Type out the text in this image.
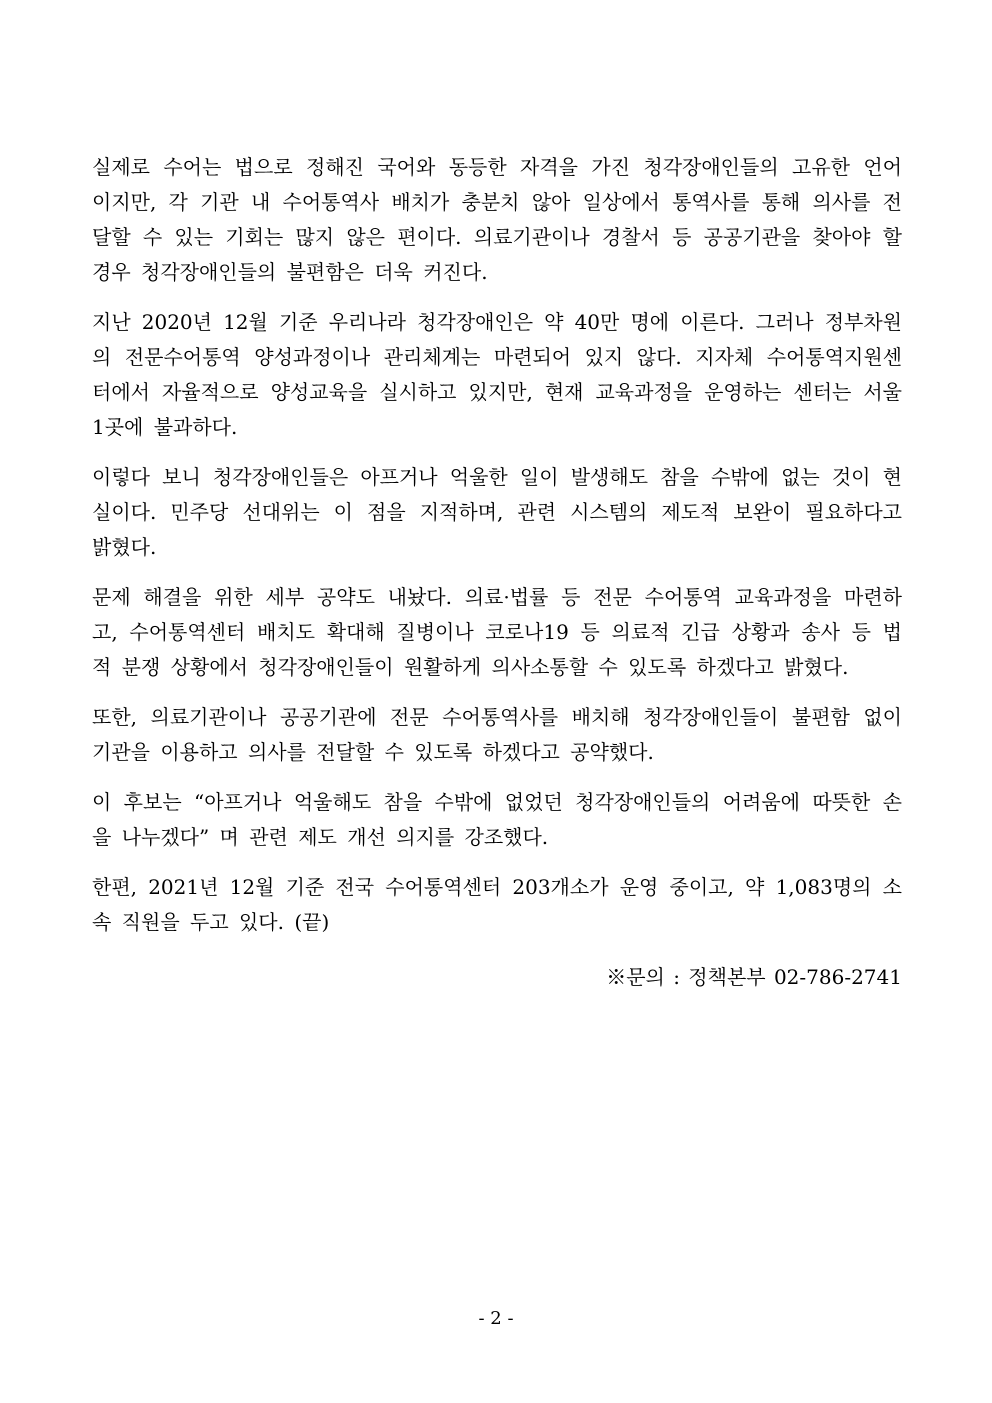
실제로 수어는 법으로 정해진 국어와 동등한 자격을 가진 청각장애인들의 고유한 언어
이지만, 각 기관 내 수어통역사 배치가 충분치 않아 일상에서 통역사를 통해 의사를 전
달할 수 있는 기회는 많지 않은 편이다. 의료기관이나 경찰서 등 공공기관을 찾아야 할
경우 청각장애인들의 불편함은 더욱 커진다.

지난 2020년 12월 기준 우리나라 청각장애인은 약 40만 명에 이른다. 그러나 정부차원
의 전문수어통역 양성과정이나 관리체계는 마련되어 있지 않다. 지자체 수어통역지원센
터에서 자율적으로 양성교육을 실시하고 있지만, 현재 교육과정을 운영하는 센터는 서울
1곳에 불과하다.

이렇다 보니 청각장애인들은 아프거나 억울한 일이 발생해도 참을 수밖에 없는 것이 현
실이다. 민주당 선대위는 이 점을 지적하며, 관련 시스템의 제도적 보완이 필요하다고
밝혔다.

문제 해결을 위한 세부 공약도 내놨다. 의료·법률 등 전문 수어통역 교육과정을 마련하
고, 수어통역센터 배치도 확대해 질병이나 코로나19 등 의료적 긴급 상황과 송사 등 법
적 분쟁 상황에서 청각장애인들이 원활하게 의사소통할 수 있도록 하겠다고 밝혔다.

또한, 의료기관이나 공공기관에 전문 수어통역사를 배치해 청각장애인들이 불편함 없이
기관을 이용하고 의사를 전달할 수 있도록 하겠다고 공약했다.

이 후보는 “아프거나 억울해도 참을 수밖에 없었던 청각장애인들의 어려움에 따뜻한 손
을 나누겠다” 며 관련 제도 개선 의지를 강조했다.

한편, 2021년 12월 기준 전국 수어통역센터 203개소가 운영 중이고, 약 1,083명의 소
속 직원을 두고 있다. (끝)

※문의 : 정책본부 02-786-2741
- 2 -
